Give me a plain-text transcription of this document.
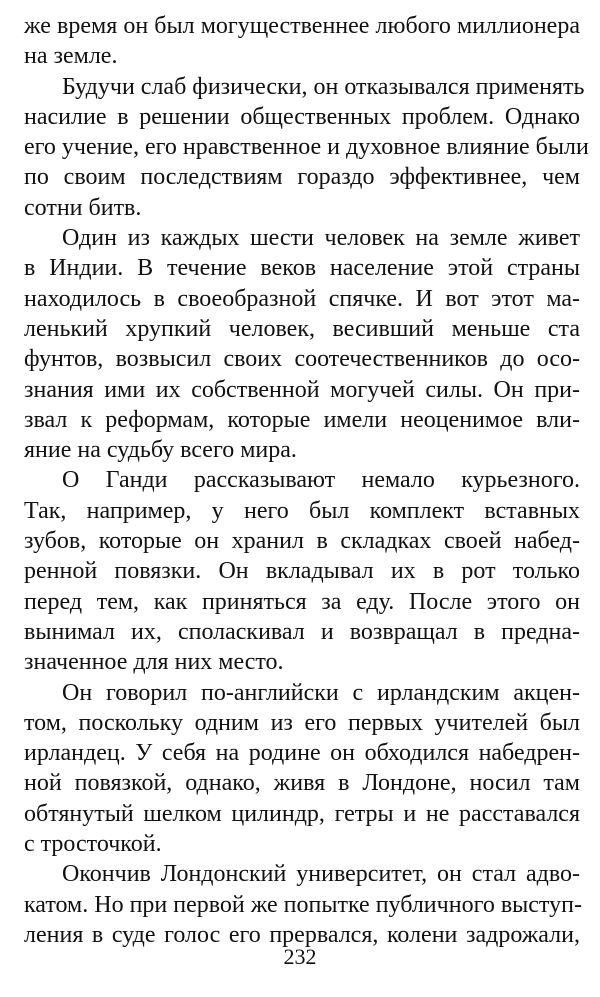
же время он был могущественнее любого миллионера
на земле.
Будучи слаб физически, он отказывался применять
насилие в решении общественных проблем. Однако
его учение, его нравственное и духовное влияние были
по своим последствиям гораздо эффективнее, чем
сотни битв.
Один из каждых шести человек на земле живет
в Индии. В течение веков население этой страны
находилось в своеобразной спячке. И вот этот ма-
ленький хрупкий человек, весивший меньше ста
фунтов, возвысил своих соотечественников до осо-
знания ими их собственной могучей силы. Он при-
звал к реформам, которые имели неоценимое вли-
яние на судьбу всего мира.
О Ганди рассказывают немало курьезного.
Так, например, у него был комплект вставных
зубов, которые он хранил в складках своей набед-
ренной повязки. Он вкладывал их в рот только
перед тем, как приняться за еду. После этого он
вынимал их, споласкивал и возвращал в предна-
значенное для них место.
Он говорил по-английски с ирландским акцен-
том, поскольку одним из его первых учителей был
ирландец. У себя на родине он обходился набедрен-
ной повязкой, однако, живя в Лондоне, носил там
обтянутый шелком цилиндр, гетры и не расставался
с тросточкой.
Окончив Лондонский университет, он стал адво-
катом. Но при первой же попытке публичного выступ-
ления в суде голос его прервался, колени задрожали,
232
